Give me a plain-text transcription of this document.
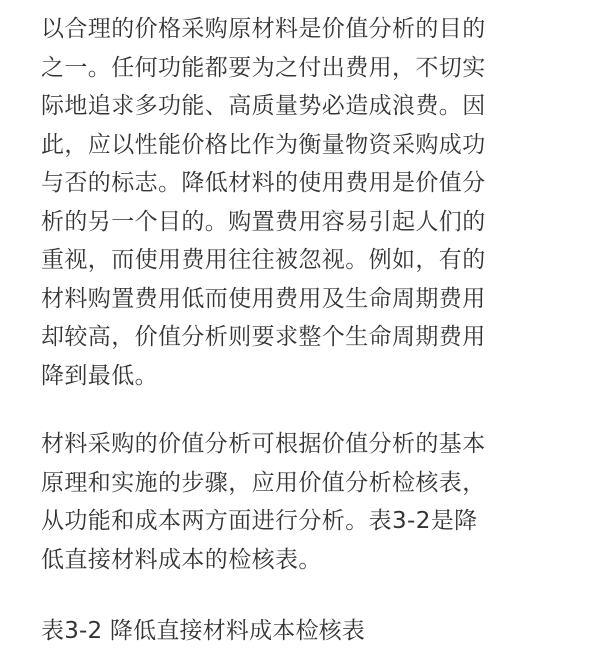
以合理的价格采购原材料是价值分析的目的
之一。任何功能都要为之付出费用，不切实
际地追求多功能、高质量势必造成浪费。因
此，应以性能价格比作为衡量物资采购成功
与否的标志。降低材料的使用费用是价值分
析的另一个目的。购置费用容易引起人们的
重视，而使用费用往往被忽视。例如，有的
材料购置费用低而使用费用及生命周期费用
却较高，价值分析则要求整个生命周期费用
降到最低。

材料采购的价值分析可根据价值分析的基本
原理和实施的步骤，应用价值分析检核表，
从功能和成本两方面进行分析。表3-2是降
低直接材料成本的检核表。

表3-2 降低直接材料成本检核表
